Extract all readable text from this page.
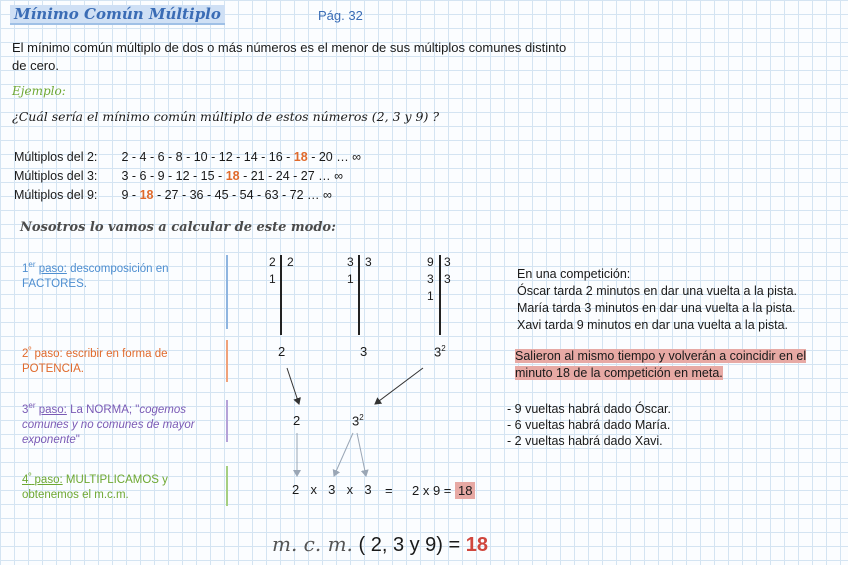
Mínimo Común Múltiplo	Pág. 32
El mínimo común múltiplo de dos o más números es el menor de sus múltiplos comunes distinto de cero.
Ejemplo:
¿Cuál sería el mínimo común múltiplo de estos números (2, 3 y 9) ?
Múltiplos del 2: 2 - 4 - 6 - 8 - 10 - 12 - 14 - 16 - 18 - 20 … ∞
Múltiplos del 3: 3 - 6 - 9 - 12 - 15 - 18 - 21 - 24 - 27 … ∞
Múltiplos del 9: 9 - 18 - 27 - 36 - 45 - 54 - 63 - 72 … ∞
Nosotros lo vamos a calcular de este modo:
1er paso: descomposición en FACTORES.
$2^º$ paso: escribir en forma de POTENCIA.
3er paso: La NORMA; "cogemos comunes y no comunes de mayor exponente"
$4^º$ paso: MULTIPLICAMOS y obtenemos el m.c.m.
2 2
1
3 3
1
9 3
3 3
1
2	3	$3^2$
2	$3^2$
2  x  3  x  3 = 2 x 9 = 18
En una competición:
Óscar tarda 2 minutos en dar una vuelta a la pista.
María tarda 3 minutos en dar una vuelta a la pista.
Xavi tarda 9 minutos en dar una vuelta a la pista.
Salieron al mismo tiempo y volverán a coincidir en el minuto 18 de la competición en meta.
- 9 vueltas habrá dado Óscar.
- 6 vueltas habrá dado María.
- 2 vueltas habrá dado Xavi.
m. c. m. ( 2, 3 y 9) = 18
